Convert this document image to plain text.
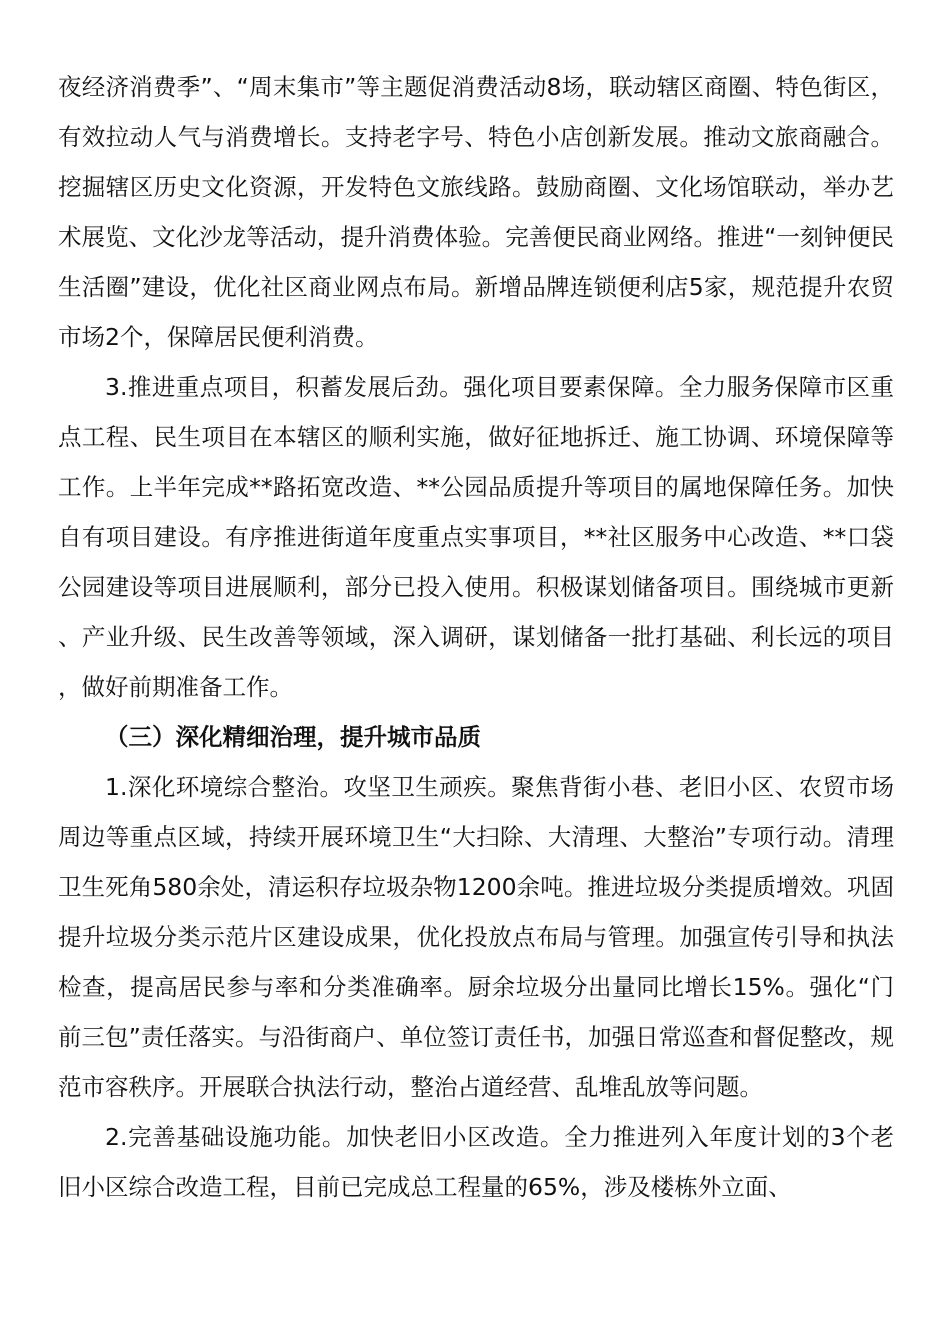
夜经济消费季”、“周末集市”等主题促消费活动8场，联动辖区商圈、特色街区，有效拉动人气与消费增长。支持老字号、特色小店创新发展。推动文旅商融合。挖掘辖区历史文化资源，开发特色文旅线路。鼓励商圈、文化场馆联动，举办艺术展览、文化沙龙等活动，提升消费体验。完善便民商业网络。推进“一刻钟便民生活圈”建设，优化社区商业网点布局。新增品牌连锁便利店5家，规范提升农贸市场2个，保障居民便利消费。

3.推进重点项目，积蓄发展后劲。强化项目要素保障。全力服务保障市区重点工程、民生项目在本辖区的顺利实施，做好征地拆迁、施工协调、环境保障等工作。上半年完成**路拓宽改造、**公园品质提升等项目的属地保障任务。加快自有项目建设。有序推进街道年度重点实事项目，**社区服务中心改造、**口袋公园建设等项目进展顺利，部分已投入使用。积极谋划储备项目。围绕城市更新、产业升级、民生改善等领域，深入调研，谋划储备一批打基础、利长远的项目，做好前期准备工作。

（三）深化精细治理，提升城市品质

1.深化环境综合整治。攻坚卫生顽疾。聚焦背街小巷、老旧小区、农贸市场周边等重点区域，持续开展环境卫生“大扫除、大清理、大整治”专项行动。清理卫生死角580余处，清运积存垃圾杂物1200余吨。推进垃圾分类提质增效。巩固提升垃圾分类示范片区建设成果，优化投放点布局与管理。加强宣传引导和执法检查，提高居民参与率和分类准确率。厨余垃圾分出量同比增长15%。强化“门前三包”责任落实。与沿街商户、单位签订责任书，加强日常巡查和督促整改，规范市容秩序。开展联合执法行动，整治占道经营、乱堆乱放等问题。

2.完善基础设施功能。加快老旧小区改造。全力推进列入年度计划的3个老旧小区综合改造工程，目前已完成总工程量的65%，涉及楼栋外立面、
